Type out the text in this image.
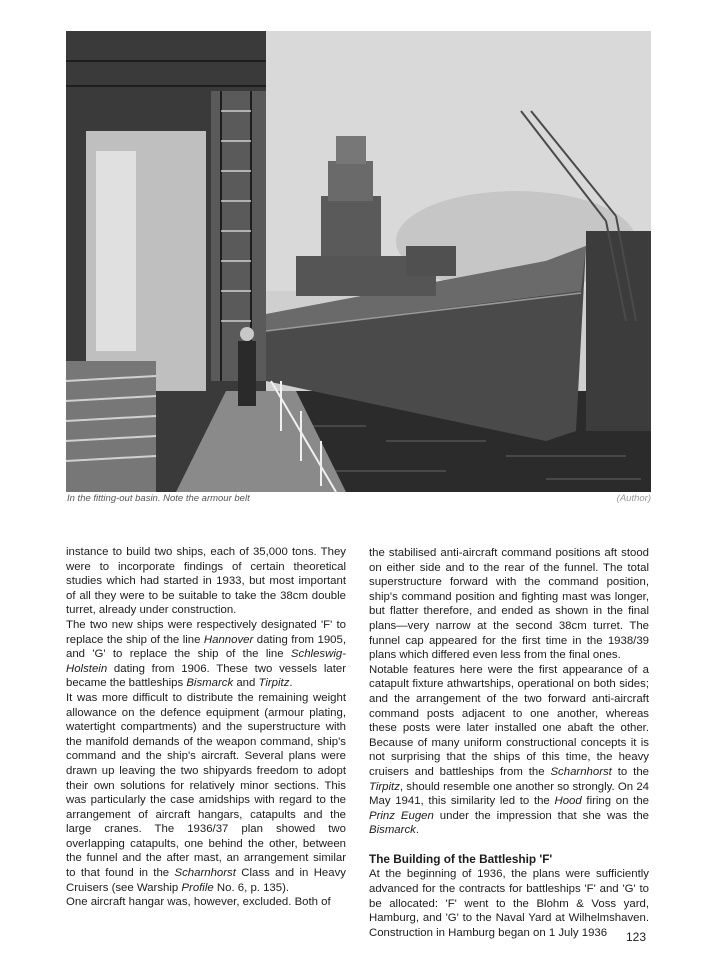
In the fitting-out basin. Note the armour belt	(Author)

instance to build two ships, each of 35,000 tons. They were to incorporate findings of certain theoretical studies which had started in 1933, but most important of all they were to be suitable to take the 38cm double turret, already under construction.

The two new ships were respectively designated 'F' to replace the ship of the line Hannover dating from 1905, and 'G' to replace the ship of the line Schleswig-Holstein dating from 1906. These two vessels later became the battleships Bismarck and Tirpitz.

It was more difficult to distribute the remaining weight allowance on the defence equipment (armour plating, watertight compartments) and the superstructure with the manifold demands of the weapon command, ship's command and the ship's aircraft. Several plans were drawn up leaving the two shipyards freedom to adopt their own solutions for relatively minor sections. This was particularly the case amidships with regard to the arrangement of aircraft hangars, catapults and the large cranes. The 1936/37 plan showed two overlapping catapults, one behind the other, between the funnel and the after mast, an arrangement similar to that found in the Scharnhorst Class and in Heavy Cruisers (see Warship Profile No. 6, p. 135).

One aircraft hangar was, however, excluded. Both of

the stabilised anti-aircraft command positions aft stood on either side and to the rear of the funnel. The total superstructure forward with the command position, ship's command position and fighting mast was longer, but flatter therefore, and ended as shown in the final plans—very narrow at the second 38cm turret. The funnel cap appeared for the first time in the 1938/39 plans which differed even less from the final ones.

Notable features here were the first appearance of a catapult fixture athwartships, operational on both sides; and the arrangement of the two forward anti-aircraft command posts adjacent to one another, whereas these posts were later installed one abaft the other. Because of many uniform constructional concepts it is not surprising that the ships of this time, the heavy cruisers and battleships from the Scharnhorst to the Tirpitz, should resemble one another so strongly. On 24 May 1941, this similarity led to the Hood firing on the Prinz Eugen under the impression that she was the Bismarck.

The Building of the Battleship 'F'

At the beginning of 1936, the plans were sufficiently advanced for the contracts for battleships 'F' and 'G' to be allocated: 'F' went to the Blohm & Voss yard, Hamburg, and 'G' to the Naval Yard at Wilhelmshaven. Construction in Hamburg began on 1 July 1936	123
